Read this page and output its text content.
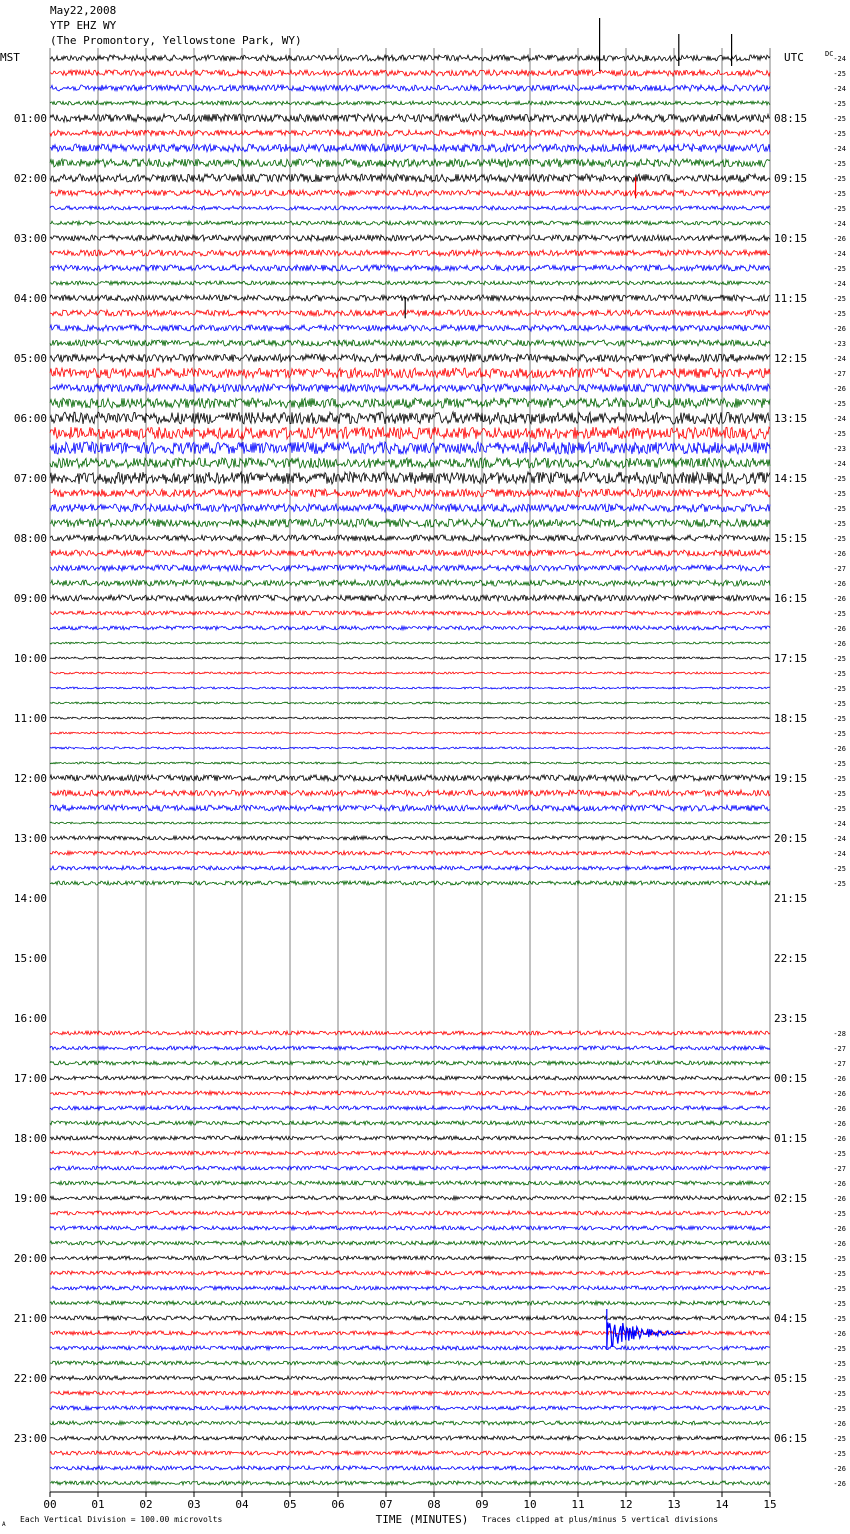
May22,2008
YTP EHZ WY
(The Promontory, Yellowstone Park, WY)
-24
-25
-24
-25
-25
-25
-24
-25
-25
-25
-25
-24
-26
-24
-25
-24
-25
-25
-26
-23
-24
-27
-26
-25
-24
-25
-23
-24
-25
-25
-25
-25
-25
-26
-27
-26
-26
-25
-26
-26
-25
-25
-25
-25
-25
-25
-26
-25
-25
-25
-25
-24
-24
-24
-25
-25
-28
-27
-27
-26
-26
-26
-26
-26
-25
-27
-26
-26
-25
-26
-26
-25
-25
-25
-25
-25
-26
-25
-25
-25
-25
-25
-26
-25
-25
-26
-26
MST	UTC	DC
01:00
02:00
03:00
04:00
05:00
06:00
07:00
08:00
09:00
10:00
11:00
12:00
13:00
14:00
15:00
16:00
17:00
18:00
19:00
20:00
21:00
22:00
23:00
08:15
09:15
10:15
11:15
12:15
13:15
14:15
15:15
16:15
17:15
18:15
19:15
20:15
21:15
22:15
23:15
00:15
01:15
02:15
03:15
04:15
05:15
06:15
00	01	02	03	04	05	06	07	08	09	10	11	12	13	14	15
TIME (MINUTES)
Each Vertical Division = 100.00 microvolts	Traces clipped at plus/minus 5 vertical divisions
A
